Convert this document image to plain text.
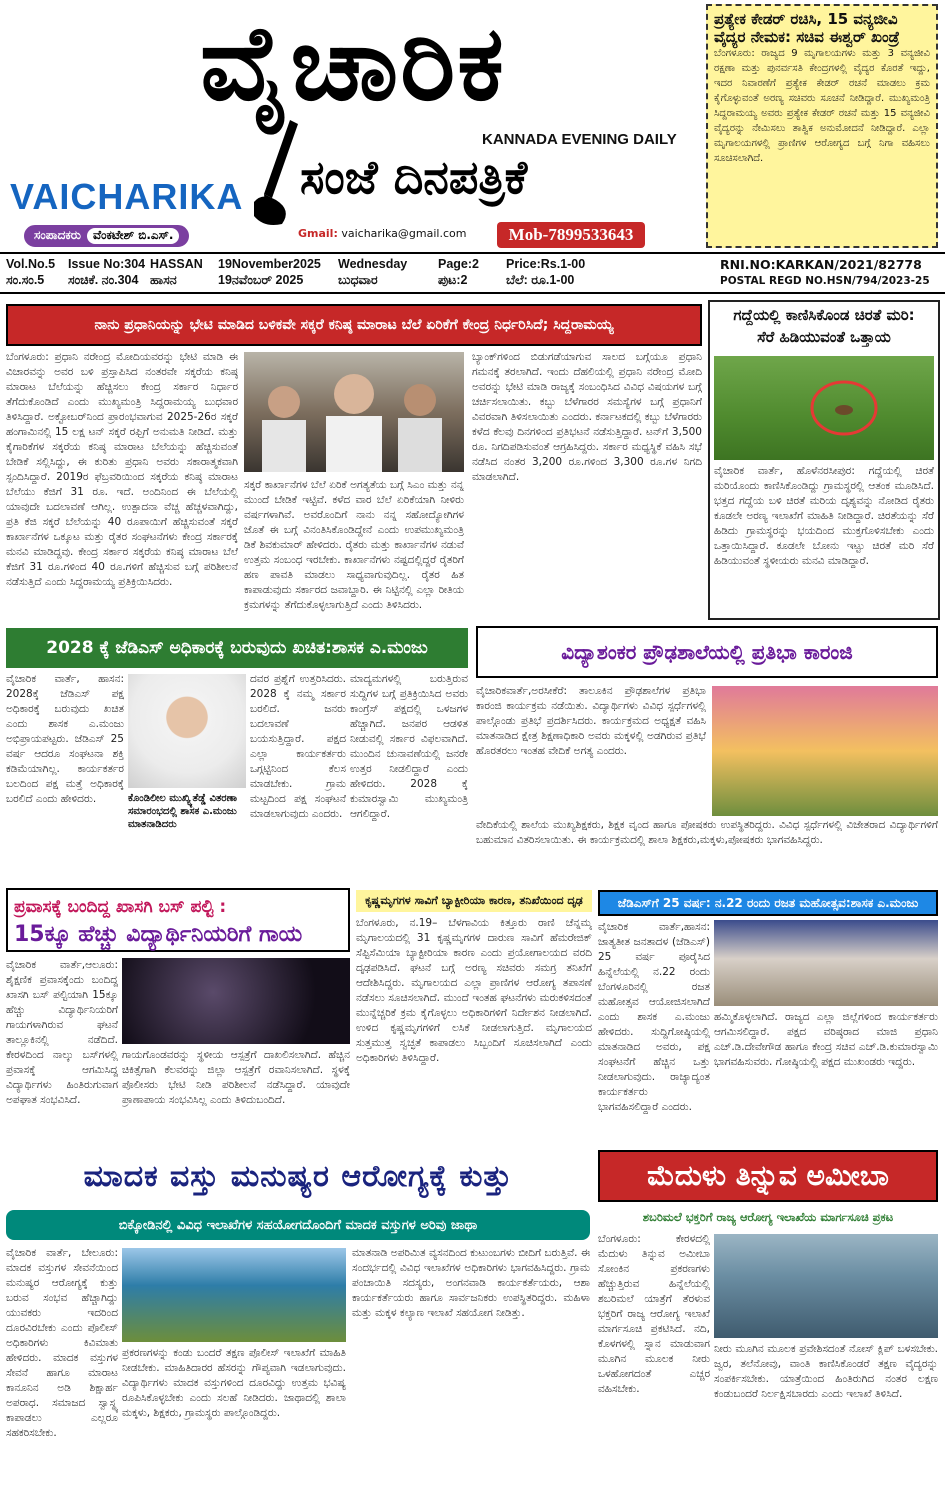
ವೈಚಾರಿಕ
KANNADA EVENING DAILY
VAICHARIKA ಸಂಜೆ ದಿನಪತ್ರಿಕೆ
ಸಂಪಾದಕರು	ವೆಂಕಟೇಶ್ ಬಿ.ಎಸ್.	Gmail: vaicharika@gmail.com	Mob-7899533643
ಪ್ರತ್ಯೇಕ ಕೇಡರ್ ರಚಿಸಿ, 15 ವನ್ಯಜೀವಿ
ವೈದ್ಯರ ನೇಮಕ: ಸಚಿವ ಈಶ್ವರ್ ಖಂಡ್ರೆ
ಬೆಂಗಳೂರು: ರಾಜ್ಯದ 9 ಮೃಗಾಲಯಗಳು ಮತ್ತು 3 ವನ್ಯಜೀವಿ ರಕ್ಷಣಾ ಮತ್ತು ಪುನರ್ವಸತಿ ಕೇಂದ್ರಗಳಲ್ಲಿ ವೈದ್ಯರ ಕೊರತೆ ಇದ್ದು, ಇದರ ನಿವಾರಣೆಗೆ ಪ್ರತ್ಯೇಕ ಕೇಡರ್ ರಚನೆ ಮಾಡಲು ಕ್ರಮ ಕೈಗೊಳ್ಳುವಂತೆ ಅರಣ್ಯ ಸಚಿವರು ಸೂಚನೆ ನೀಡಿದ್ದಾರೆ. ಮುಖ್ಯಮಂತ್ರಿ ಸಿದ್ದರಾಮಯ್ಯ ಅವರು ಪ್ರತ್ಯೇಕ ಕೇಡರ್ ರಚನೆ ಮತ್ತು 15 ವನ್ಯಜೀವಿ ವೈದ್ಯರನ್ನು ನೇಮಿಸಲು ತಾತ್ವಿಕ ಅನುಮೋದನೆ ನೀಡಿದ್ದಾರೆ. ಎಲ್ಲಾ ಮೃಗಾಲಯಗಳಲ್ಲಿ ಪ್ರಾಣಿಗಳ ಆರೋಗ್ಯದ ಬಗ್ಗೆ ನಿಗಾ ವಹಿಸಲು ಸೂಚಿಸಲಾಗಿದೆ.
Vol.No.5	Issue No:304 HASSAN	19November2025	Wednesday	Page:2	Price:Rs.1-00
ಸಂ.ಸಂ.5	ಸಂಚಿಕೆ. ನಂ.304 ಹಾಸನ	19ನವೆಂಬರ್ 2025	ಬುಧವಾರ	ಪುಟ:2	ಬೆಲೆ: ರೂ.1-00
RNI.NO:KARKAN/2021/82778
POSTAL REGD NO.HSN/794/2023-25
ನಾನು ಪ್ರಧಾನಿಯನ್ನು ಭೇಟಿ ಮಾಡಿದ ಬಳಿಕವೇ ಸಕ್ಕರೆ ಕನಿಷ್ಠ ಮಾರಾಟ ಬೆಲೆ ಏರಿಕೆಗೆ ಕೇಂದ್ರ ನಿರ್ಧರಿಸಿದೆ; ಸಿದ್ದರಾಮಯ್ಯ
ಬೆಂಗಳೂರು: ಪ್ರಧಾನಿ ನರೇಂದ್ರ ಮೋದಿಯವರನ್ನು ಭೇಟಿ ಮಾಡಿ ಈ ವಿಚಾರವನ್ನು ಅವರ ಬಳಿ ಪ್ರಸ್ತಾಪಿಸಿದ ನಂತರವೇ ಸಕ್ಕರೆಯ ಕನಿಷ್ಠ ಮಾರಾಟ ಬೆಲೆಯನ್ನು ಹೆಚ್ಚಿಸಲು ಕೇಂದ್ರ ಸರ್ಕಾರ ನಿರ್ಧಾರ ತೆಗೆದುಕೊಂಡಿದೆ ಎಂದು ಮುಖ್ಯಮಂತ್ರಿ ಸಿದ್ದರಾಮಯ್ಯ ಬುಧವಾರ ತಿಳಿಸಿದ್ದಾರೆ. ಅಕ್ಟೋಬರ್‌ನಿಂದ ಪ್ರಾರಂಭವಾಗುವ 2025-26ರ ಸಕ್ಕರೆ ಹಂಗಾಮಿನಲ್ಲಿ 15 ಲಕ್ಷ ಟನ್ ಸಕ್ಕರೆ ರಫ್ತಿಗೆ ಅನುಮತಿ ನೀಡಿದೆ. ಮತ್ತು ಕೈಗಾರಿಕೆಗಳ ಸಕ್ಕರೆಯ ಕನಿಷ್ಠ ಮಾರಾಟ ಬೆಲೆಯನ್ನು ಹೆಚ್ಚಿಸುವಂತೆ ಬೇಡಿಕೆ ಸಲ್ಲಿಸಿದ್ದು, ಈ ಕುರಿತು ಪ್ರಧಾನಿ ಅವರು ಸಕಾರಾತ್ಮಕವಾಗಿ ಸ್ಪಂದಿಸಿದ್ದಾರೆ. 2019ರ ಫೆಬ್ರವರಿಯಿಂದ ಸಕ್ಕರೆಯ ಕನಿಷ್ಠ ಮಾರಾಟ ಬೆಲೆಯು ಕೆಜಿಗೆ 31 ರೂ. ಇದೆ. ಅಂದಿನಿಂದ ಈ ಬೆಲೆಯಲ್ಲಿ ಯಾವುದೇ ಬದಲಾವಣೆ ಆಗಿಲ್ಲ. ಉತ್ಪಾದನಾ ವೆಚ್ಚ ಹೆಚ್ಚಳವಾಗಿದ್ದು, ಪ್ರತಿ ಕೆಜಿ ಸಕ್ಕರೆ ಬೆಲೆಯನ್ನು 40 ರೂಪಾಯಿಗೆ ಹೆಚ್ಚಿಸುವಂತೆ ಸಕ್ಕರೆ ಕಾರ್ಖಾನೆಗಳ ಒಕ್ಕೂಟ ಮತ್ತು ರೈತರ ಸಂಘಟನೆಗಳು ಕೇಂದ್ರ ಸರ್ಕಾರಕ್ಕೆ ಮನವಿ ಮಾಡಿದ್ದವು. ಕೇಂದ್ರ ಸರ್ಕಾರ ಸಕ್ಕರೆಯ ಕನಿಷ್ಠ ಮಾರಾಟ ಬೆಲೆ ಕೆಜಿಗೆ 31 ರೂ.ಗಳಿಂದ 40 ರೂ.ಗಳಿಗೆ ಹೆಚ್ಚಿಸುವ ಬಗ್ಗೆ ಪರಿಶೀಲನೆ ನಡೆಸುತ್ತಿದೆ ಎಂದು ಸಿದ್ದರಾಮಯ್ಯ ಪ್ರತಿಕ್ರಿಯಿಸಿದರು.
ಸಕ್ಕರೆ ಕಾರ್ಖಾನೆಗಳ ಬೆಲೆ ಏರಿಕೆ ಅಗತ್ಯತೆಯ ಬಗ್ಗೆ ಸಿಎಂ ಮತ್ತು ನನ್ನ ಮುಂದೆ ಬೇಡಿಕೆ ಇಟ್ಟಿವೆ. ಕಳೆದ ವಾರ ಬೆಲೆ ಏರಿಕೆಯಾಗಿ ನೀಳಿರು ವರ್ಷಗಳಾಗಿವೆ. ಅವರೊಂದಿಗೆ ನಾನು ನನ್ನ ಸಹೋದ್ಯೋಗಿಗಳ ಜೊತೆ ಈ ಬಗ್ಗೆ ವಿನಂತಿಸಿಕೊಂಡಿದ್ದೇನೆ ಎಂದು ಉಪಮುಖ್ಯಮಂತ್ರಿ ಡಿಕೆ ಶಿವಕುಮಾರ್ ಹೇಳಿದರು. ರೈತರು ಮತ್ತು ಕಾರ್ಖಾನೆಗಳ ನಡುವೆ ಉತ್ತಮ ಸಂಬಂಧ ಇರಬೇಕು. ಕಾರ್ಖಾನೆಗಳು ನಷ್ಟದಲ್ಲಿದ್ದರೆ ರೈತರಿಗೆ ಹಣ ಪಾವತಿ ಮಾಡಲು ಸಾಧ್ಯವಾಗುವುದಿಲ್ಲ. ರೈತರ ಹಿತ ಕಾಪಾಡುವುದು ಸರ್ಕಾರದ ಜವಾಬ್ದಾರಿ. ಈ ನಿಟ್ಟಿನಲ್ಲಿ ಎಲ್ಲಾ ರೀತಿಯ ಕ್ರಮಗಳನ್ನು ತೆಗೆದುಕೊಳ್ಳಲಾಗುತ್ತಿದೆ ಎಂದು ತಿಳಿಸಿದರು.
ಬ್ಯಾಂಕ್‌ಗಳಿಂದ ಬಿಡುಗಡೆಯಾಗುವ ಸಾಲದ ಬಗ್ಗೆಯೂ ಪ್ರಧಾನಿ ಗಮನಕ್ಕೆ ತರಲಾಗಿದೆ. ಇಂದು ದೆಹಲಿಯಲ್ಲಿ ಪ್ರಧಾನಿ ನರೇಂದ್ರ ಮೋದಿ ಅವರನ್ನು ಭೇಟಿ ಮಾಡಿ ರಾಜ್ಯಕ್ಕೆ ಸಂಬಂಧಿಸಿದ ವಿವಿಧ ವಿಷಯಗಳ ಬಗ್ಗೆ ಚರ್ಚಿಸಲಾಯಿತು. ಕಬ್ಬು ಬೆಳೆಗಾರರ ಸಮಸ್ಯೆಗಳ ಬಗ್ಗೆ ಪ್ರಧಾನಿಗೆ ವಿವರವಾಗಿ ತಿಳಿಸಲಾಯಿತು ಎಂದರು. ಕರ್ನಾಟಕದಲ್ಲಿ ಕಬ್ಬು ಬೆಳೆಗಾರರು ಕಳೆದ ಕೆಲವು ದಿನಗಳಿಂದ ಪ್ರತಿಭಟನೆ ನಡೆಸುತ್ತಿದ್ದಾರೆ. ಟನ್‌ಗೆ 3,500 ರೂ. ನಿಗದಿಪಡಿಸುವಂತೆ ಆಗ್ರಹಿಸಿದ್ದರು. ಸರ್ಕಾರ ಮಧ್ಯಸ್ಥಿಕೆ ವಹಿಸಿ ಸಭೆ ನಡೆಸಿದ ನಂತರ 3,200 ರೂ.ಗಳಿಂದ 3,300 ರೂ.ಗಳ ನಿಗದಿ ಮಾಡಲಾಗಿದೆ.
ಗದ್ದೆಯಲ್ಲಿ ಕಾಣಿಸಿಕೊಂಡ ಚಿರತೆ ಮರಿ:
ಸೆರೆ ಹಿಡಿಯುವಂತೆ ಒತ್ತಾಯ
ವೈಚಾರಿಕ ವಾರ್ತೆ, ಹೊಳೆನರಸೀಪುರ: ಗದ್ದೆಯಲ್ಲಿ ಚಿರತೆ ಮರಿಯೊಂದು ಕಾಣಿಸಿಕೊಂಡಿದ್ದು ಗ್ರಾಮಸ್ಥರಲ್ಲಿ ಆತಂಕ ಮೂಡಿಸಿದೆ. ಭತ್ತದ ಗದ್ದೆಯ ಬಳಿ ಚಿರತೆ ಮರಿಯ ದೃಶ್ಯವನ್ನು ನೋಡಿದ ರೈತರು ಕೂಡಲೇ ಅರಣ್ಯ ಇಲಾಖೆಗೆ ಮಾಹಿತಿ ನೀಡಿದ್ದಾರೆ. ಚಿರತೆಯನ್ನು ಸೆರೆ ಹಿಡಿದು ಗ್ರಾಮಸ್ಥರನ್ನು ಭಯದಿಂದ ಮುಕ್ತಗೊಳಿಸಬೇಕು ಎಂದು ಒತ್ತಾಯಿಸಿದ್ದಾರೆ. ಕೂಡಲೇ ಬೋನು ಇಟ್ಟು ಚಿರತೆ ಮರಿ ಸೆರೆ ಹಿಡಿಯುವಂತೆ ಸ್ಥಳೀಯರು ಮನವಿ ಮಾಡಿದ್ದಾರೆ.
2028 ಕ್ಕೆ ಜೆಡಿಎಸ್ ಅಧಿಕಾರಕ್ಕೆ ಬರುವುದು ಖಚಿತ:ಶಾಸಕ ಎ.ಮಂಜು
ವೈಚಾರಿಕ ವಾರ್ತೆ, ಹಾಸನ: 2028ಕ್ಕೆ ಜೆಡಿಎಸ್ ಪಕ್ಷ ಅಧಿಕಾರಕ್ಕೆ ಬರುವುದು ಖಚಿತ ಎಂದು ಶಾಸಕ ಎ.ಮಂಜು ಅಭಿಪ್ರಾಯಪಟ್ಟರು. ಜೆಡಿಎಸ್ 25 ವರ್ಷ ಆದರೂ ಸಂಘಟನಾ ಶಕ್ತಿ ಕಡಿಮೆಯಾಗಿಲ್ಲ. ಕಾರ್ಯಕರ್ತರ ಬಲದಿಂದ ಪಕ್ಷ ಮತ್ತೆ ಅಧಿಕಾರಕ್ಕೆ ಬರಲಿದೆ ಎಂದು ಹೇಳಿದರು.	ಕೊಂಡಿಲೀಲ ಮುಖ್ಯ್ಯಿತೆಡ್ಡೆ ವಿತರಣಾ ಸಮಾರಂಭದಲ್ಲಿ ಶಾಸಕ ಎ.ಮಂಜು ಮಾತನಾಡಿದರು
ದವರ ಪ್ರಶ್ನೆಗೆ ಉತ್ತರಿಸಿದರು. 2028 ಕ್ಕೆ ನಮ್ಮ ಸರ್ಕಾರ ಬರಲಿದೆ. ಜನರು ಬದಲಾವಣೆ ಬಯಸುತ್ತಿದ್ದಾರೆ. ಪಕ್ಷದ ಎಲ್ಲಾ ಕಾರ್ಯಕರ್ತರು ಒಗ್ಗಟ್ಟಿನಿಂದ ಕೆಲಸ ಮಾಡಬೇಕು. ಗ್ರಾಮ ಮಟ್ಟದಿಂದ ಪಕ್ಷ ಸಂಘಟನೆ ಮಾಡಲಾಗುವುದು ಎಂದರು.
ಮಾದ್ಯಮಗಳಲ್ಲಿ ಬರುತ್ತಿರುವ ಸುದ್ದಿಗಳ ಬಗ್ಗೆ ಪ್ರತಿಕ್ರಿಯಿಸಿದ ಅವರು ಕಾಂಗ್ರೆಸ್ ಪಕ್ಷದಲ್ಲಿ ಒಳಜಗಳ ಹೆಚ್ಚಾಗಿದೆ. ಜನಪರ ಆಡಳಿತ ನೀಡುವಲ್ಲಿ ಸರ್ಕಾರ ವಿಫಲವಾಗಿದೆ. ಮುಂದಿನ ಚುನಾವಣೆಯಲ್ಲಿ ಜನರೇ ಉತ್ತರ ನೀಡಲಿದ್ದಾರೆ ಎಂದು ಹೇಳಿದರು. 2028 ಕ್ಕೆ ಕುಮಾರಸ್ವಾಮಿ ಮುಖ್ಯಮಂತ್ರಿ ಆಗಲಿದ್ದಾರೆ.
ವಿದ್ಯಾಶಂಕರ ಪ್ರೌಢಶಾಲೆಯಲ್ಲಿ ಪ್ರತಿಭಾ ಕಾರಂಜಿ
ವೈಚಾರಿಕವಾರ್ತೆ,ಅರಸೀಕೆರೆ: ತಾಲೂಕಿನ ಪ್ರೌಢಶಾಲೆಗಳ ಪ್ರತಿಭಾ ಕಾರಂಜಿ ಕಾರ್ಯಕ್ರಮ ನಡೆಯಿತು. ವಿದ್ಯಾರ್ಥಿಗಳು ವಿವಿಧ ಸ್ಪರ್ಧೆಗಳಲ್ಲಿ ಪಾಲ್ಗೊಂಡು ಪ್ರತಿಭೆ ಪ್ರದರ್ಶಿಸಿದರು. ಕಾರ್ಯಕ್ರಮದ ಅಧ್ಯಕ್ಷತೆ ವಹಿಸಿ ಮಾತನಾಡಿದ ಕ್ಷೇತ್ರ ಶಿಕ್ಷಣಾಧಿಕಾರಿ ಅವರು ಮಕ್ಕಳಲ್ಲಿ ಅಡಗಿರುವ ಪ್ರತಿಭೆ ಹೊರತರಲು ಇಂತಹ ವೇದಿಕೆ ಅಗತ್ಯ ಎಂದರು.
ವೇದಿಕೆಯಲ್ಲಿ ಶಾಲೆಯ ಮುಖ್ಯಶಿಕ್ಷಕರು, ಶಿಕ್ಷಕ ವೃಂದ ಹಾಗೂ ಪೋಷಕರು ಉಪಸ್ಥಿತರಿದ್ದರು. ವಿವಿಧ ಸ್ಪರ್ಧೆಗಳಲ್ಲಿ ವಿಜೇತರಾದ ವಿದ್ಯಾರ್ಥಿಗಳಿಗೆ ಬಹುಮಾನ ವಿತರಿಸಲಾಯಿತು. ಈ ಕಾರ್ಯಕ್ರಮದಲ್ಲಿ ಶಾಲಾ ಶಿಕ್ಷಕರು,ಮಕ್ಕಳು,ಪೋಷಕರು ಭಾಗವಹಿಸಿದ್ದರು.
ಪ್ರವಾಸಕ್ಕೆ ಬಂದಿದ್ದ ಖಾಸಗಿ ಬಸ್ ಪಲ್ಟಿ :
15ಕ್ಕೂ ಹೆಚ್ಚು ವಿದ್ಯಾರ್ಥಿನಿಯರಿಗೆ ಗಾಯ
ವೈಚಾರಿಕ ವಾರ್ತೆ,ಆಲೂರು: ಶೈಕ್ಷಣಿಕ ಪ್ರವಾಸಕ್ಕೆಂದು ಬಂದಿದ್ದ ಖಾಸಗಿ ಬಸ್ ಪಲ್ಟಿಯಾಗಿ 15ಕ್ಕೂ ಹೆಚ್ಚು ವಿದ್ಯಾರ್ಥಿನಿಯರಿಗೆ ಗಾಯಗಳಾಗಿರುವ ಘಟನೆ ತಾಲ್ಲೂಕಿನಲ್ಲಿ ನಡೆದಿದೆ. ಕೇರಳದಿಂದ ನಾಲ್ಕು ಬಸ್‌ಗಳಲ್ಲಿ ಪ್ರವಾಸಕ್ಕೆ ಆಗಮಿಸಿದ್ದ ವಿದ್ಯಾರ್ಥಿಗಳು ಹಿಂತಿರುಗುವಾಗ ಅಪಘಾತ ಸಂಭವಿಸಿದೆ.
ಗಾಯಗೊಂಡವರನ್ನು ಸ್ಥಳೀಯ ಆಸ್ಪತ್ರೆಗೆ ದಾಖಲಿಸಲಾಗಿದೆ. ಹೆಚ್ಚಿನ ಚಿಕಿತ್ಸೆಗಾಗಿ ಕೆಲವರನ್ನು ಜಿಲ್ಲಾ ಆಸ್ಪತ್ರೆಗೆ ರವಾನಿಸಲಾಗಿದೆ. ಸ್ಥಳಕ್ಕೆ ಪೊಲೀಸರು ಭೇಟಿ ನೀಡಿ ಪರಿಶೀಲನೆ ನಡೆಸಿದ್ದಾರೆ. ಯಾವುದೇ ಪ್ರಾಣಾಪಾಯ ಸಂಭವಿಸಿಲ್ಲ ಎಂದು ತಿಳಿದುಬಂದಿದೆ.
ಕೃಷ್ಣಮೃಗಗಳ ಸಾವಿಗೆ ಬ್ಯಾಕ್ಟೀರಿಯಾ ಕಾರಣ, ತನಿಖೆಯಿಂದ ದೃಢ
ಬೆಂಗಳೂರು, ನ.19– ಬೆಳಗಾವಿಯ ಕಿತ್ತೂರು ರಾಣಿ ಚೆನ್ನಮ್ಮ ಮೃಗಾಲಯದಲ್ಲಿ 31 ಕೃಷ್ಣಮೃಗಗಳ ದಾರುಣ ಸಾವಿಗೆ ಹೆಮರೇಜಿಕ್ ಸೆಪ್ಟಿಸೆಮಿಯಾ ಬ್ಯಾಕ್ಟೀರಿಯಾ ಕಾರಣ ಎಂದು ಪ್ರಯೋಗಾಲಯದ ವರದಿ ದೃಢಪಡಿಸಿದೆ. ಘಟನೆ ಬಗ್ಗೆ ಅರಣ್ಯ ಸಚಿವರು ಸಮಗ್ರ ತನಿಖೆಗೆ ಆದೇಶಿಸಿದ್ದರು. ಮೃಗಾಲಯದ ಎಲ್ಲಾ ಪ್ರಾಣಿಗಳ ಆರೋಗ್ಯ ತಪಾಸಣೆ ನಡೆಸಲು ಸೂಚಿಸಲಾಗಿದೆ. ಮುಂದೆ ಇಂತಹ ಘಟನೆಗಳು ಮರುಕಳಿಸದಂತೆ ಮುನ್ನೆಚ್ಚರಿಕೆ ಕ್ರಮ ಕೈಗೊಳ್ಳಲು ಅಧಿಕಾರಿಗಳಿಗೆ ನಿರ್ದೇಶನ ನೀಡಲಾಗಿದೆ. ಉಳಿದ ಕೃಷ್ಣಮೃಗಗಳಿಗೆ ಲಸಿಕೆ ನೀಡಲಾಗುತ್ತಿದೆ. ಮೃಗಾಲಯದ ಸುತ್ತಮುತ್ತ ಸ್ವಚ್ಛತೆ ಕಾಪಾಡಲು ಸಿಬ್ಬಂದಿಗೆ ಸೂಚಿಸಲಾಗಿದೆ ಎಂದು ಅಧಿಕಾರಿಗಳು ತಿಳಿಸಿದ್ದಾರೆ.
ಜೆಡಿಎಸ್‌ಗೆ 25 ವರ್ಷ: ನ.22 ರಂದು ರಜತ ಮಹೋತ್ಸವ:ಶಾಸಕ ಎ.ಮಂಜು
ವೈಚಾರಿಕ ವಾರ್ತೆ,ಹಾಸನ: ಜಾತ್ಯತೀತ ಜನತಾದಳ (ಜೆಡಿಎಸ್) 25 ವರ್ಷ ಪೂರೈಸಿದ ಹಿನ್ನೆಲೆಯಲ್ಲಿ ನ.22 ರಂದು ಬೆಂಗಳೂರಿನಲ್ಲಿ ರಜತ ಮಹೋತ್ಸವ ಆಯೋಜಿಸಲಾಗಿದೆ ಎಂದು ಶಾಸಕ ಎ.ಮಂಜು ಹೇಳಿದರು. ಸುದ್ದಿಗೋಷ್ಠಿಯಲ್ಲಿ ಮಾತನಾಡಿದ ಅವರು, ಪಕ್ಷ ಸಂಘಟನೆಗೆ ಹೆಚ್ಚಿನ ಒತ್ತು ನೀಡಲಾಗುವುದು. ರಾಜ್ಯಾದ್ಯಂತ ಕಾರ್ಯಕರ್ತರು ಭಾಗವಹಿಸಲಿದ್ದಾರೆ ಎಂದರು.
ಹಮ್ಮಿಕೊಳ್ಳಲಾಗಿದೆ. ರಾಜ್ಯದ ಎಲ್ಲಾ ಜಿಲ್ಲೆಗಳಿಂದ ಕಾರ್ಯಕರ್ತರು ಆಗಮಿಸಲಿದ್ದಾರೆ. ಪಕ್ಷದ ವರಿಷ್ಠರಾದ ಮಾಜಿ ಪ್ರಧಾನಿ ಎಚ್.ಡಿ.ದೇವೇಗೌಡ ಹಾಗೂ ಕೇಂದ್ರ ಸಚಿವ ಎಚ್.ಡಿ.ಕುಮಾರಸ್ವಾಮಿ ಭಾಗವಹಿಸುವರು. ಗೋಷ್ಠಿಯಲ್ಲಿ ಪಕ್ಷದ ಮುಖಂಡರು ಇದ್ದರು.
ಮಾದಕ ವಸ್ತು ಮನುಷ್ಯರ ಆರೋಗ್ಯಕ್ಕೆ ಕುತ್ತು
ಬಿಕ್ಕೋಡಿನಲ್ಲಿ ವಿವಿಧ ಇಲಾಖೆಗಳ ಸಹಯೋಗದೊಂದಿಗೆ ಮಾದಕ ವಸ್ತುಗಳ ಅರಿವು ಜಾಥಾ
ವೈಚಾರಿಕ ವಾರ್ತೆ, ಬೇಲೂರು: ಮಾದಕ ವಸ್ತುಗಳ ಸೇವನೆಯಿಂದ ಮನುಷ್ಯರ ಆರೋಗ್ಯಕ್ಕೆ ಕುತ್ತು ಬರುವ ಸಂಭವ ಹೆಚ್ಚಾಗಿದ್ದು ಯುವಕರು ಇದರಿಂದ ದೂರವಿರಬೇಕು ಎಂದು ಪೊಲೀಸ್ ಅಧಿಕಾರಿಗಳು ಕಿವಿಮಾತು ಹೇಳಿದರು. ಮಾದಕ ವಸ್ತುಗಳ ಸೇವನೆ ಹಾಗೂ ಮಾರಾಟ ಕಾನೂನಿನ ಅಡಿ ಶಿಕ್ಷಾರ್ಹ ಅಪರಾಧ. ಸಮಾಜದ ಸ್ವಾಸ್ಥ್ಯ ಕಾಪಾಡಲು ಎಲ್ಲರೂ ಸಹಕರಿಸಬೇಕು.
ಪ್ರಕರಣಗಳನ್ನು ಕಂಡು ಬಂದರೆ ತಕ್ಷಣ ಪೊಲೀಸ್ ಇಲಾಖೆಗೆ ಮಾಹಿತಿ ನೀಡಬೇಕು. ಮಾಹಿತಿದಾರರ ಹೆಸರನ್ನು ಗೌಪ್ಯವಾಗಿ ಇಡಲಾಗುವುದು. ವಿದ್ಯಾರ್ಥಿಗಳು ಮಾದಕ ವಸ್ತುಗಳಿಂದ ದೂರವಿದ್ದು ಉತ್ತಮ ಭವಿಷ್ಯ ರೂಪಿಸಿಕೊಳ್ಳಬೇಕು ಎಂದು ಸಲಹೆ ನೀಡಿದರು. ಜಾಥಾದಲ್ಲಿ ಶಾಲಾ ಮಕ್ಕಳು, ಶಿಕ್ಷಕರು, ಗ್ರಾಮಸ್ಥರು ಪಾಲ್ಗೊಂಡಿದ್ದರು.
ಮಾತನಾಡಿ ಅಪರಿಮಿತ ವ್ಯಸನದಿಂದ ಕುಟುಂಬಗಳು ಬೀದಿಗೆ ಬರುತ್ತಿವೆ. ಈ ಸಂದರ್ಭದಲ್ಲಿ ವಿವಿಧ ಇಲಾಖೆಗಳ ಅಧಿಕಾರಿಗಳು ಭಾಗವಹಿಸಿದ್ದರು. ಗ್ರಾಮ ಪಂಚಾಯಿತಿ ಸದಸ್ಯರು, ಅಂಗನವಾಡಿ ಕಾರ್ಯಕರ್ತೆಯರು, ಆಶಾ ಕಾರ್ಯಕರ್ತೆಯರು ಹಾಗೂ ಸಾರ್ವಜನಿಕರು ಉಪಸ್ಥಿತರಿದ್ದರು. ಮಹಿಳಾ ಮತ್ತು ಮಕ್ಕಳ ಕಲ್ಯಾಣ ಇಲಾಖೆ ಸಹಯೋಗ ನೀಡಿತ್ತು.
ಮೆದುಳು ತಿನ್ನುವ ಅಮೀಬಾ
ಶಬರಿಮಲೆ ಭಕ್ತರಿಗೆ ರಾಜ್ಯ ಆರೋಗ್ಯ ಇಲಾಖೆಯ ಮಾರ್ಗಸೂಚಿ ಪ್ರಕಟ
ಬೆಂಗಳೂರು: ಕೇರಳದಲ್ಲಿ ಮೆದುಳು ತಿನ್ನುವ ಅಮೀಬಾ ಸೋಂಕಿನ ಪ್ರಕರಣಗಳು ಹೆಚ್ಚುತ್ತಿರುವ ಹಿನ್ನೆಲೆಯಲ್ಲಿ ಶಬರಿಮಲೆ ಯಾತ್ರೆಗೆ ತೆರಳುವ ಭಕ್ತರಿಗೆ ರಾಜ್ಯ ಆರೋಗ್ಯ ಇಲಾಖೆ ಮಾರ್ಗಸೂಚಿ ಪ್ರಕಟಿಸಿದೆ. ನದಿ, ಕೊಳಗಳಲ್ಲಿ ಸ್ನಾನ ಮಾಡುವಾಗ ಮೂಗಿನ ಮೂಲಕ ನೀರು ಒಳಹೋಗದಂತೆ ಎಚ್ಚರ ವಹಿಸಬೇಕು.
ನೀರು ಮೂಗಿನ ಮೂಲಕ ಪ್ರವೇಶಿಸದಂತೆ ನೋಸ್ ಕ್ಲಿಪ್ ಬಳಸಬೇಕು. ಜ್ವರ, ತಲೆನೋವು, ವಾಂತಿ ಕಾಣಿಸಿಕೊಂಡರೆ ತಕ್ಷಣ ವೈದ್ಯರನ್ನು ಸಂಪರ್ಕಿಸಬೇಕು. ಯಾತ್ರೆಯಿಂದ ಹಿಂತಿರುಗಿದ ನಂತರ ಲಕ್ಷಣ ಕಂಡುಬಂದರೆ ನಿರ್ಲಕ್ಷಿಸಬಾರದು ಎಂದು ಇಲಾಖೆ ತಿಳಿಸಿದೆ.
